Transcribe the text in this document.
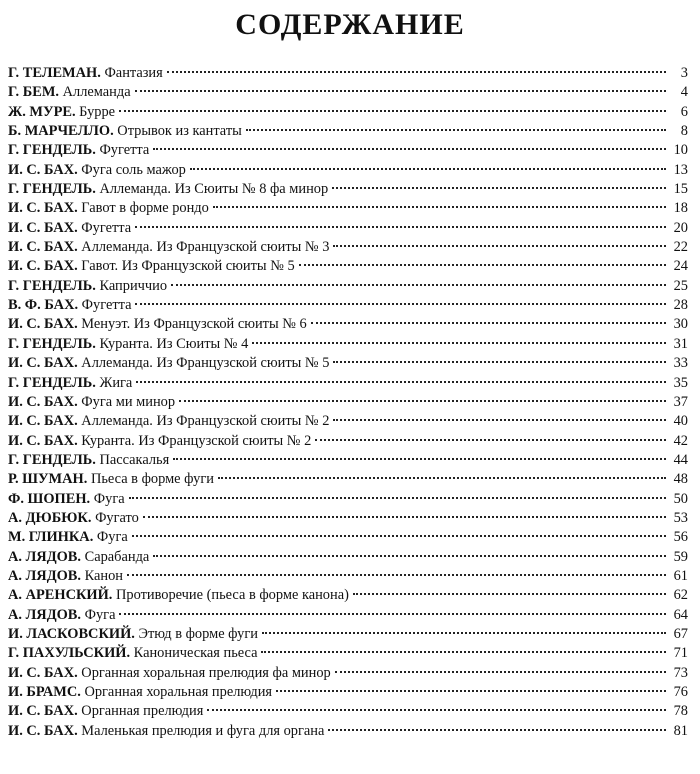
СОДЕРЖАНИЕ
Г. ТЕЛЕМАН. Фантазия	3
Г. БЕМ. Аллеманда	4
Ж. МУРЕ. Бурре	6
Б. МАРЧЕЛЛО. Отрывок из кантаты	8
Г. ГЕНДЕЛЬ. Фугетта	10
И. С. БАХ. Фуга соль мажор	13
Г. ГЕНДЕЛЬ. Аллеманда. Из Сюиты № 8 фа минор	15
И. С. БАХ. Гавот в форме рондо	18
И. С. БАХ. Фугетта	20
И. С. БАХ. Аллеманда. Из Французской сюиты № 3	22
И. С. БАХ. Гавот. Из Французской сюиты № 5	24
Г. ГЕНДЕЛЬ. Каприччио	25
В. Ф. БАХ. Фугетта	28
И. С. БАХ. Менуэт. Из Французской сюиты № 6	30
Г. ГЕНДЕЛЬ. Куранта. Из Сюиты № 4	31
И. С. БАХ. Аллеманда. Из Французской сюиты № 5	33
Г. ГЕНДЕЛЬ. Жига	35
И. С. БАХ. Фуга ми минор	37
И. С. БАХ. Аллеманда. Из Французской сюиты № 2	40
И. С. БАХ. Куранта. Из Французской сюиты № 2	42
Г. ГЕНДЕЛЬ. Пассакалья	44
Р. ШУМАН. Пьеса в форме фуги	48
Ф. ШОПЕН. Фуга	50
А. ДЮБЮК. Фугато	53
М. ГЛИНКА. Фуга	56
А. ЛЯДОВ. Сарабанда	59
А. ЛЯДОВ. Канон	61
А. АРЕНСКИЙ. Противоречие (пьеса в форме канона)	62
А. ЛЯДОВ. Фуга	64
И. ЛАСКОВСКИЙ. Этюд в форме фуги	67
Г. ПАХУЛЬСКИЙ. Каноническая пьеса	71
И. С. БАХ. Органная хоральная прелюдия фа минор	73
И. БРАМС. Органная хоральная прелюдия	76
И. С. БАХ. Органная прелюдия	78
И. С. БАХ. Маленькая прелюдия и фуга для органа	81
